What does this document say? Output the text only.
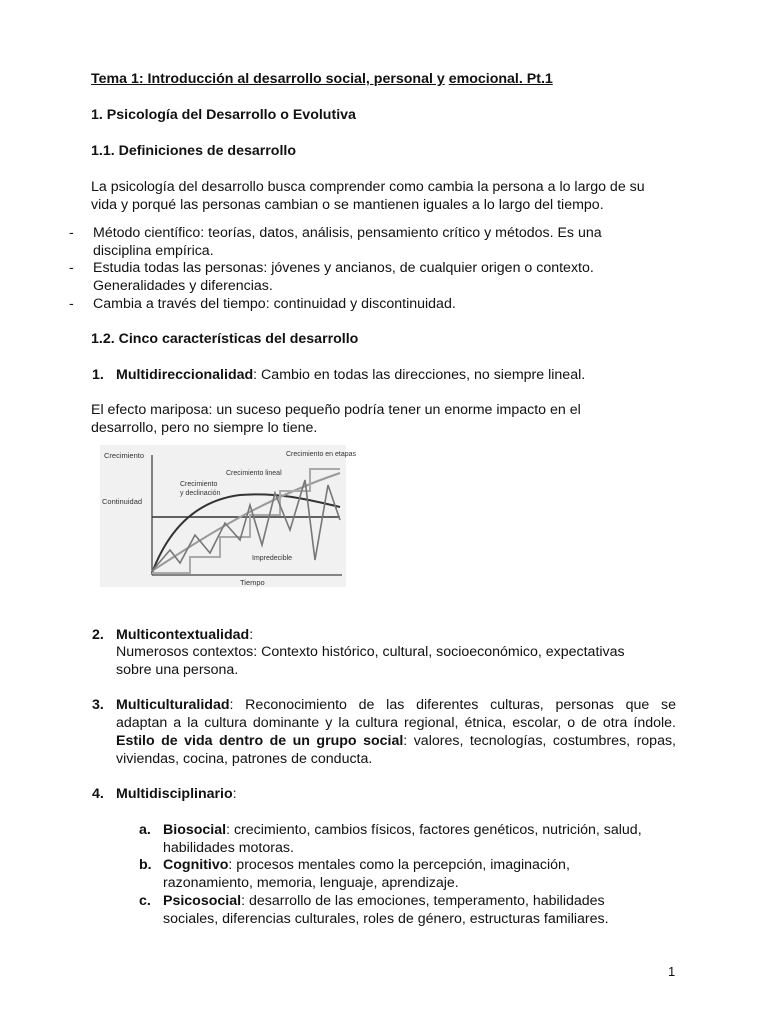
Tema 1: Introducción al desarrollo social, personal y emocional. Pt.1
1. Psicología del Desarrollo o Evolutiva
1.1. Definiciones de desarrollo
La psicología del desarrollo busca comprender como cambia la persona a lo largo de su
vida y porqué las personas cambian o se mantienen iguales a lo largo del tiempo.
- Método científico: teorías, datos, análisis, pensamiento crítico y métodos. Es una
disciplina empírica.
- Estudia todas las personas: jóvenes y ancianos, de cualquier origen o contexto.
Generalidades y diferencias.
- Cambia a través del tiempo: continuidad y discontinuidad.
1.2. Cinco características del desarrollo
1. Multidireccionalidad: Cambio en todas las direcciones, no siempre lineal.
El efecto mariposa: un suceso pequeño podría tener un enorme impacto en el
desarrollo, pero no siempre lo tiene.
Crecimiento	Crecimiento en etapas
Crecimiento lineal
Crecimiento
y declinación
Continuidad
Impredecible
Tiempo
2. Multicontextualidad:
Numerosos contextos: Contexto histórico, cultural, socioeconómico, expectativas
sobre una persona.
3. Multiculturalidad: Reconocimiento de las diferentes culturas, personas que se
adaptan a la cultura dominante y la cultura regional, étnica, escolar, o de otra índole.
Estilo de vida dentro de un grupo social: valores, tecnologías, costumbres, ropas,
viviendas, cocina, patrones de conducta.
4. Multidisciplinario:
a. Biosocial: crecimiento, cambios físicos, factores genéticos, nutrición, salud,
habilidades motoras.
b. Cognitivo: procesos mentales como la percepción, imaginación,
razonamiento, memoria, lenguaje, aprendizaje.
c. Psicosocial: desarrollo de las emociones, temperamento, habilidades
sociales, diferencias culturales, roles de género, estructuras familiares.
1
